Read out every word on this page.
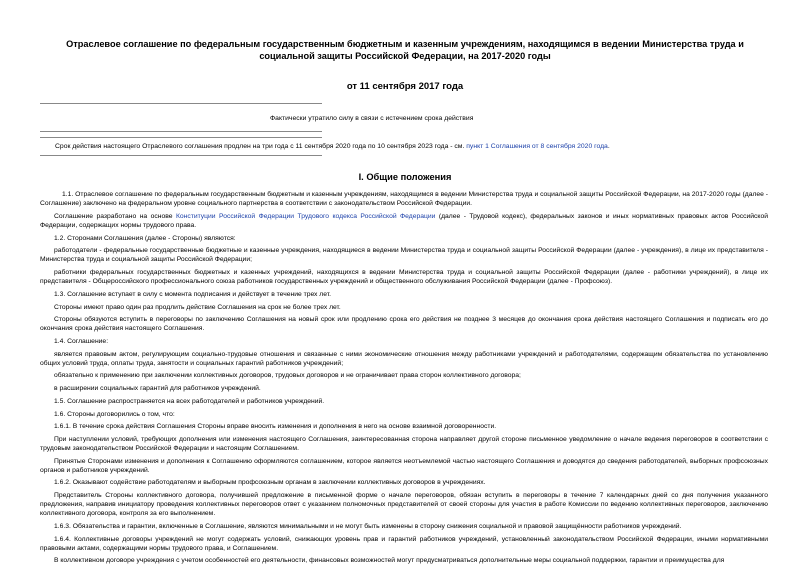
Отраслевое соглашение по федеральным государственным бюджетным и казенным учреждениям, находящимся в ведении Министерства труда и социальной защиты Российской Федерации, на 2017-2020 годы
от 11 сентября 2017 года
Фактически утратило силу в связи с истечением срока действия
Срок действия настоящего Отраслевого соглашения продлен на три года с 11 сентября 2020 года по 10 сентября 2023 года - см. пункт 1 Соглашения от 8 сентября 2020 года.
I. Общие положения

1.1. Отраслевое соглашение по федеральным государственным бюджетным и казенным учреждениям, находящимся в ведении Министерства труда и социальной защиты Российской Федерации, на 2017-2020 годы (далее - Соглашение) заключено на федеральном уровне социального партнерства в соответствии с законодательством Российской Федерации.

Соглашение разработано на основе Конституции Российской Федерации Трудового кодекса Российской Федерации (далее - Трудовой кодекс), федеральных законов и иных нормативных правовых актов Российской Федерации, содержащих нормы трудового права.

1.2. Сторонами Соглашения (далее - Стороны) являются:

работодатели - федеральные государственные бюджетные и казенные учреждения, находящиеся в ведении Министерства труда и социальной защиты Российской Федерации (далее - учреждения), в лице их представителя - Министерства труда и социальной защиты Российской Федерации;

работники федеральных государственных бюджетных и казенных учреждений, находящихся в ведении Министерства труда и социальной защиты Российской Федерации (далее - работники учреждений), в лице их представителя - Общероссийского профессионального союза работников государственных учреждений и общественного обслуживания Российской Федерации (далее - Профсоюз).

1.3. Соглашение вступает в силу с момента подписания и действует в течение трех лет.

Стороны имеют право один раз продлить действие Соглашения на срок не более трех лет.

Стороны обязуются вступить в переговоры по заключению Соглашения на новый срок или продлению срока его действия не позднее 3 месяцев до окончания срока действия настоящего Соглашения и подписать его до окончания срока действия настоящего Соглашения.

1.4. Соглашение:

является правовым актом, регулирующим социально-трудовые отношения и связанные с ними экономические отношения между работниками учреждений и работодателями, содержащим обязательства по установлению общих условий труда, оплаты труда, занятости и социальных гарантий работников учреждений;

обязательно к применению при заключении коллективных договоров, трудовых договоров и не ограничивает права сторон коллективного договора;

в расширении социальных гарантий для работников учреждений.

1.5. Соглашение распространяется на всех работодателей и работников учреждений.

1.6. Стороны договорились о том, что:

1.6.1. В течение срока действия Соглашения Стороны вправе вносить изменения и дополнения в него на основе взаимной договоренности.

При наступлении условий, требующих дополнения или изменения настоящего Соглашения, заинтересованная сторона направляет другой стороне письменное уведомление о начале ведения переговоров в соответствии с трудовым законодательством Российской Федерации и настоящим Соглашением.

Принятые Сторонами изменения и дополнения к Соглашению оформляются соглашением, которое является неотъемлемой частью настоящего Соглашения и доводятся до сведения работодателей, выборных профсоюзных органов и работников учреждений.

1.6.2. Оказывают содействие работодателям и выборным профсоюзным органам в заключении коллективных договоров в учреждениях.

Представитель Стороны коллективного договора, получившей предложение в письменной форме о начале переговоров, обязан вступить в переговоры в течение 7 календарных дней со дня получения указанного предложения, направив инициатору проведения коллективных переговоров ответ с указанием полномочных представителей от своей стороны для участия в работе Комиссии по ведению коллективных переговоров, заключению коллективного договора, контроля за его выполнением.

1.6.3. Обязательства и гарантии, включенные в Соглашение, являются минимальными и не могут быть изменены в сторону снижения социальной и правовой защищённости работников учреждений.

1.6.4. Коллективные договоры учреждений не могут содержать условий, снижающих уровень прав и гарантий работников учреждений, установленный законодательством Российской Федерации, иными нормативными правовыми актами, содержащими нормы трудового права, и Соглашением.

В коллективном договоре учреждения с учетом особенностей его деятельности, финансовых возможностей могут предусматриваться дополнительные меры социальной поддержки, гарантии и преимущества для
